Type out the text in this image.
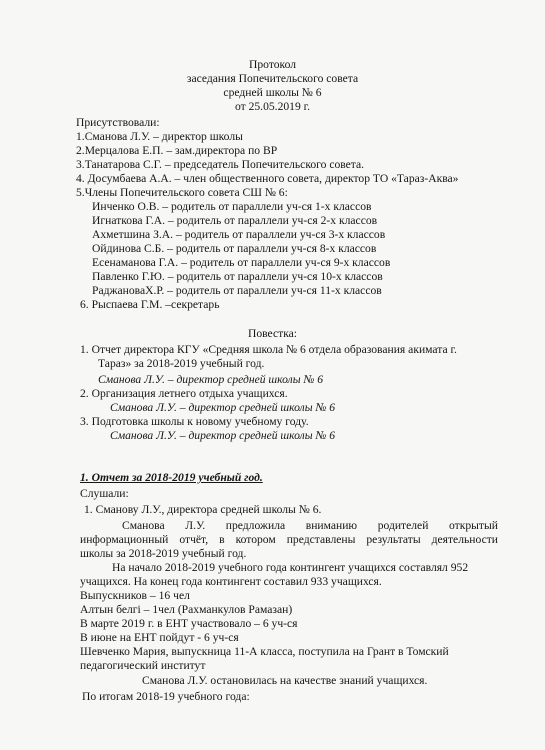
Протокол
заседания Попечительского совета
средней школы № 6
от 25.05.2019 г.
Присутствовали:
1.Сманова Л.У. – директор школы
2.Мерцалова Е.П. – зам.директора по ВР
3.Танатарова С.Г. – председатель Попечительского совета.
4. Досумбаева А.А. – член общественного совета, директор ТО «Тараз-Аква»
5.Члены Попечительского совета СШ № 6:
Инченко О.В. – родитель от параллели уч-ся 1-х классов
Игнаткова Г.А. – родитель от параллели уч-ся 2-х классов
Ахметшина З.А. – родитель от параллели уч-ся 3-х классов
Ойдинова С.Б. – родитель от параллели уч-ся 8-х классов
Есенаманова Г.А. – родитель от параллели уч-ся 9-х классов
Павленко Г.Ю. – родитель от параллели уч-ся 10-х классов
РаджановаХ.Р. – родитель от параллели уч-ся 11-х классов
6. Рыспаева Г.М. –секретарь
Повестка:
1. Отчет директора КГУ «Средняя школа № 6 отдела образования акимата г.
Тараз» за 2018-2019 учебный год.
Сманова Л.У. – директор средней школы № 6
2. Организация летнего отдыха учащихся.
Сманова Л.У. – директор средней школы № 6
3. Подготовка школы к новому учебному году.
Сманова Л.У. – директор средней школы № 6
1. Отчет за 2018-2019 учебный год.
Слушали:
1. Сманову Л.У., директора средней школы № 6.
Сманова Л.У. предложила вниманию родителей открытый
информационный отчёт, в котором представлены результаты деятельности
школы за 2018-2019 учебный год.
На начало 2018-2019 учебного года контингент учащихся составлял 952
учащихся. На конец года контингент составил 933 учащихся.
Выпускников – 16 чел
Алтын белгі – 1чел (Рахманкулов Рамазан)
В марте 2019 г. в ЕНТ участвовало – 6 уч-ся
В июне на ЕНТ пойдут - 6 уч-ся
Шевченко Мария, выпускница 11-А класса, поступила на Грант в Томский
педагогический институт
Сманова Л.У. остановилась на качестве знаний учащихся.
По итогам 2018-19 учебного года:
